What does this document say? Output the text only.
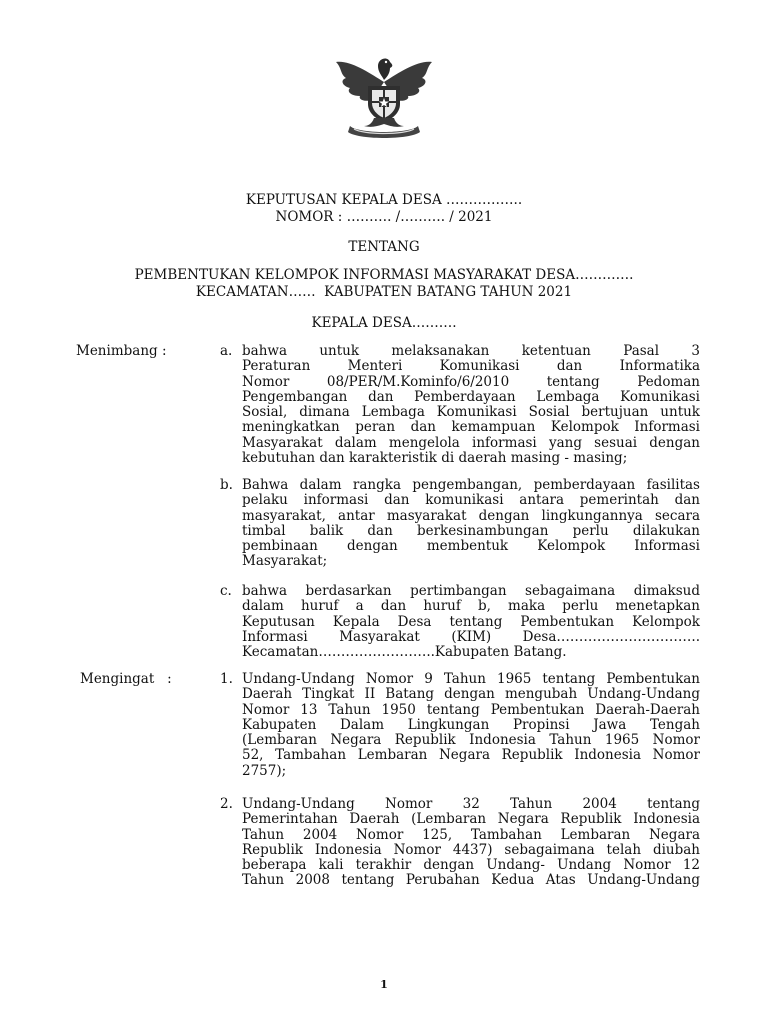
KEPUTUSAN KEPALA DESA ……………..
NOMOR : ………. /………. / 2021
TENTANG
PEMBENTUKAN KELOMPOK INFORMASI MASYARAKAT DESA………….
KECAMATAN……  KABUPATEN BATANG TAHUN 2021
KEPALA DESA……….
Menimbang :	a. bahwa untuk melaksanakan ketentuan Pasal 3
Peraturan Menteri Komunikasi dan Informatika
Nomor 08/PER/M.Kominfo/6/2010 tentang Pedoman
Pengembangan dan Pemberdayaan Lembaga Komunikasi
Sosial, dimana Lembaga Komunikasi Sosial bertujuan untuk
meningkatkan peran dan kemampuan Kelompok Informasi
Masyarakat dalam mengelola informasi yang sesuai dengan
kebutuhan dan karakteristik di daerah masing - masing;
b. Bahwa dalam rangka pengembangan, pemberdayaan fasilitas
pelaku informasi dan komunikasi antara pemerintah dan
masyarakat, antar masyarakat dengan lingkungannya secara
timbal balik dan berkesinambungan perlu dilakukan
pembinaan dengan membentuk Kelompok Informasi
Masyarakat;
c. bahwa berdasarkan pertimbangan sebagaimana dimaksud
dalam huruf a dan huruf b, maka perlu menetapkan
Keputusan Kepala Desa tentang Pembentukan Kelompok
Informasi Masyarakat (KIM) Desa…………………………..
Kecamatan……………………..Kabupaten Batang.
Mengingat   :	1. Undang-Undang Nomor 9 Tahun 1965 tentang Pembentukan
Daerah Tingkat II Batang dengan mengubah Undang-Undang
Nomor 13 Tahun 1950 tentang Pembentukan Daerah-Daerah
Kabupaten Dalam Lingkungan Propinsi Jawa Tengah
(Lembaran Negara Republik Indonesia Tahun 1965 Nomor
52, Tambahan Lembaran Negara Republik Indonesia Nomor
2757);
2. Undang-Undang Nomor 32 Tahun 2004 tentang
Pemerintahan Daerah (Lembaran Negara Republik Indonesia
Tahun 2004 Nomor 125, Tambahan Lembaran Negara
Republik Indonesia Nomor 4437) sebagaimana telah diubah
beberapa kali terakhir dengan Undang- Undang Nomor 12
Tahun 2008 tentang Perubahan Kedua Atas Undang-Undang
1
